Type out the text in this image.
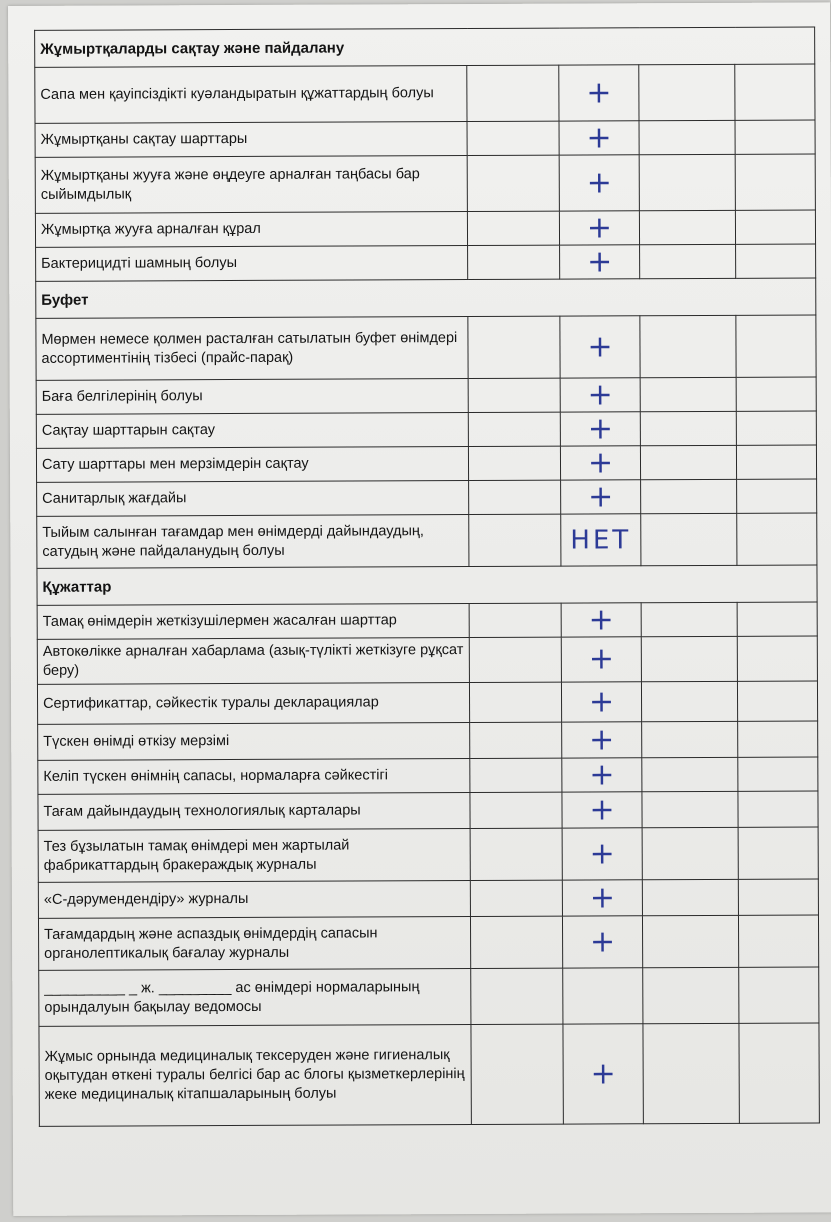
Жұмыртқаларды сақтау және пайдалану				
Сапа мен қауіпсіздікті куәландыратын құжаттардың болуы		+		
Жұмыртқаны сақтау шарттары		+		
Жұмыртқаны жууға және өңдеуге арналған таңбасы бар сыйымдылық		+		
Жұмыртқа жууға арналған құрал		+		
Бактерицидті шамның болуы		+		
Буфет				
Мөрмен немесе қолмен расталған сатылатын буфет өнімдері ассортиментінің тізбесі (прайс-парақ)		+		
Баға белгілерінің болуы		+		
Сақтау шарттарын сақтау		+		
Сату шарттары мен мерзімдерін сақтау		+		
Санитарлық жағдайы		+		
Тыйым салынған тағамдар мен өнімдерді дайындаудың, сатудың және пайдаланудың болуы		НЕТ		
Құжаттар				
Тамақ өнімдерін жеткізушілермен жасалған шарттар		+		
Автокөлікке арналған хабарлама (азық-түлікті жеткізуге рұқсат беру)		+		
Сертификаттар, сәйкестік туралы декларациялар		+		
Түскен өнімді өткізу мерзімі		+		
Келіп түскен өнімнің сапасы, нормаларға сәйкестігі		+		
Тағам дайындаудың технологиялық карталары		+		
Тез бұзылатын тамақ өнімдері мен жартылай фабрикаттардың бракераждық журналы		+		
«С-дәрумендендіру» журналы		+		
Тағамдардың және аспаздық өнімдердің сапасын органолептикалық бағалау журналы		+		
__________ _ ж. _________ ас өнімдері нормаларының орындалуын бақылау ведомосы				
Жұмыс орнында медициналық тексеруден және гигиеналық оқытудан өткені туралы белгісі бар ас блогы қызметкерлерінің жеке медициналық кітапшаларының болуы		+		
